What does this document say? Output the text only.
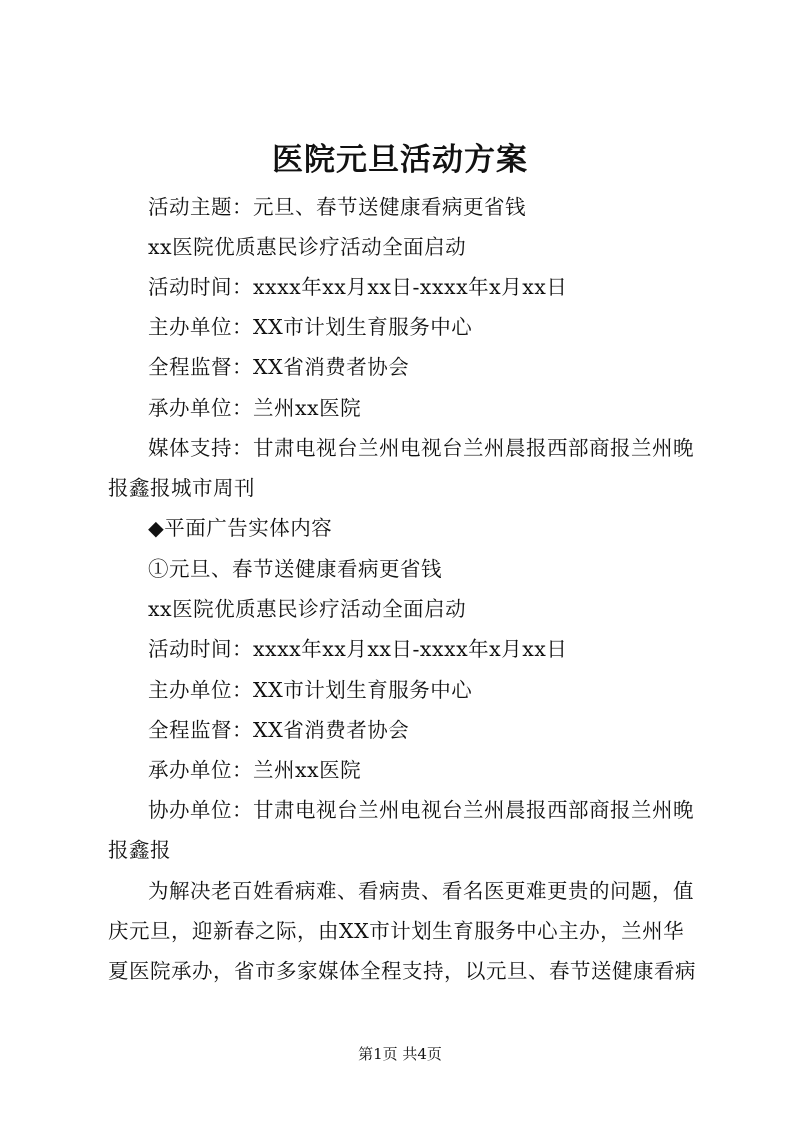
医院元旦活动方案
活动主题：元旦、春节送健康看病更省钱
xx医院优质惠民诊疗活动全面启动
活动时间：xxxx年xx月xx日-xxxx年x月xx日
主办单位：XX市计划生育服务中心
全程监督：XX省消费者协会
承办单位：兰州xx医院
媒体支持：甘肃电视台兰州电视台兰州晨报西部商报兰州晚
报鑫报城市周刊
◆平面广告实体内容
①元旦、春节送健康看病更省钱
xx医院优质惠民诊疗活动全面启动
活动时间：xxxx年xx月xx日-xxxx年x月xx日
主办单位：XX市计划生育服务中心
全程监督：XX省消费者协会
承办单位：兰州xx医院
协办单位：甘肃电视台兰州电视台兰州晨报西部商报兰州晚
报鑫报
为解决老百姓看病难、看病贵、看名医更难更贵的问题，值
庆元旦，迎新春之际，由XX市计划生育服务中心主办，兰州华
夏医院承办，省市多家媒体全程支持，以元旦、春节送健康看病
第1页 共4页
